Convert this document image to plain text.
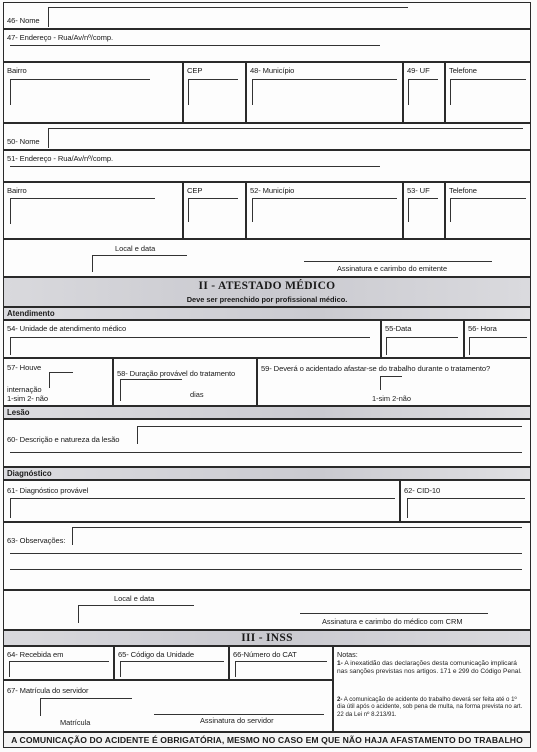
46- Nome
47- Endereço - Rua/Av/nº/comp.
Bairro	CEP	48- Município	49- UF	Telefone
50- Nome
51- Endereço - Rua/Av/nº/comp.
Bairro	CEP	52- Município	53- UF	Telefone
Local e data
Assinatura e carimbo do emitente
II - ATESTADO MÉDICO
Deve ser preenchido por profissional médico.
Atendimento
54- Unidade de atendimento médico	55-Data	56- Hora
57- Houve
internação
1-sim 2- não
58- Duração provável do tratamento
dias
59- Deverá o acidentado afastar-se do trabalho durante o tratamento?
1-sim 2-não
Lesão
60- Descrição e natureza da lesão
Diagnóstico
61- Diagnóstico provável	62- CID-10
63- Observações:
Local e data
Assinatura e carimbo do médico com CRM
III - INSS
64- Recebida em	65- Código da Unidade	66-Número do CAT
67- Matrícula do servidor
Matrícula	Assinatura do servidor
Notas:
1- A inexatidão das declarações desta comunicação implicará nas sanções previstas nos artigos. 171 e 299 do Código Penal.
2- A comunicação de acidente do trabalho deverá ser feita até o 1º dia útil após o acidente, sob pena de multa, na forma prevista no art. 22 da Lei nº 8.213/91.
A COMUNICAÇÃO DO ACIDENTE É OBRIGATÓRIA, MESMO NO CASO EM QUE NÃO HAJA AFASTAMENTO DO TRABALHO
